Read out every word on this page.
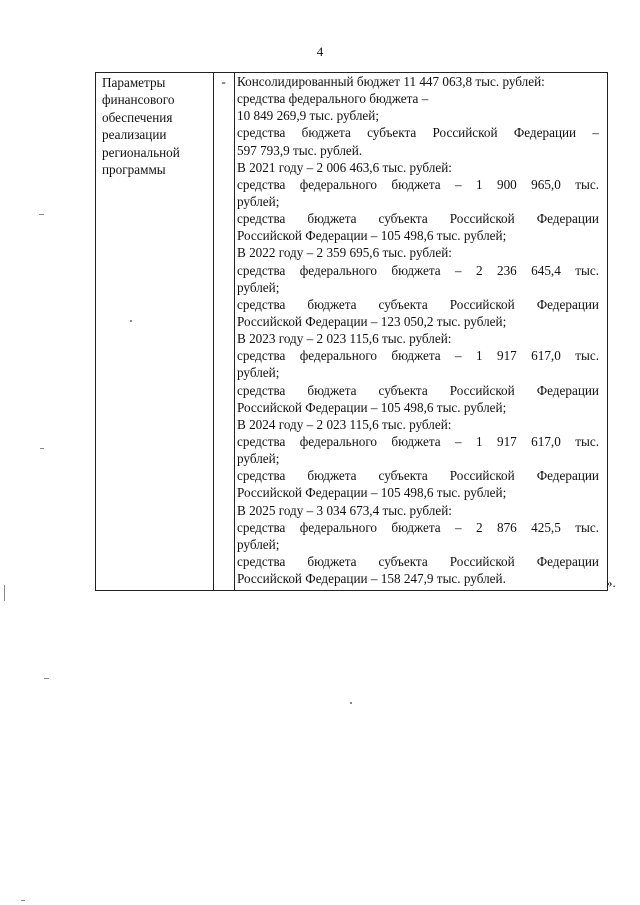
4
Параметры
финансового
обеспечения
реализации
региональной
программы
- Консолидированный бюджет 11 447 063,8 тыс. рублей:
средства федерального бюджета –
10 849 269,9 тыс. рублей;
средства бюджета субъекта Российской Федерации –
597 793,9 тыс. рублей.
В 2021 году – 2 006 463,6 тыс. рублей:
средства федерального бюджета – 1 900 965,0 тыс.
рублей;
средства бюджета субъекта Российской Федерации
Российской Федерации – 105 498,6 тыс. рублей;
В 2022 году – 2 359 695,6 тыс. рублей:
средства федерального бюджета – 2 236 645,4 тыс.
рублей;
средства бюджета субъекта Российской Федерации
Российской Федерации – 123 050,2 тыс. рублей;
В 2023 году – 2 023 115,6 тыс. рублей:
средства федерального бюджета – 1 917 617,0 тыс.
рублей;
средства бюджета субъекта Российской Федерации
Российской Федерации – 105 498,6 тыс. рублей;
В 2024 году – 2 023 115,6 тыс. рублей:
средства федерального бюджета – 1 917 617,0 тыс.
рублей;
средства бюджета субъекта Российской Федерации
Российской Федерации – 105 498,6 тыс. рублей;
В 2025 году – 3 034 673,4 тыс. рублей:
средства федерального бюджета – 2 876 425,5 тыс.
рублей;
средства бюджета субъекта Российской Федерации
Российской Федерации – 158 247,9 тыс. рублей.	».
